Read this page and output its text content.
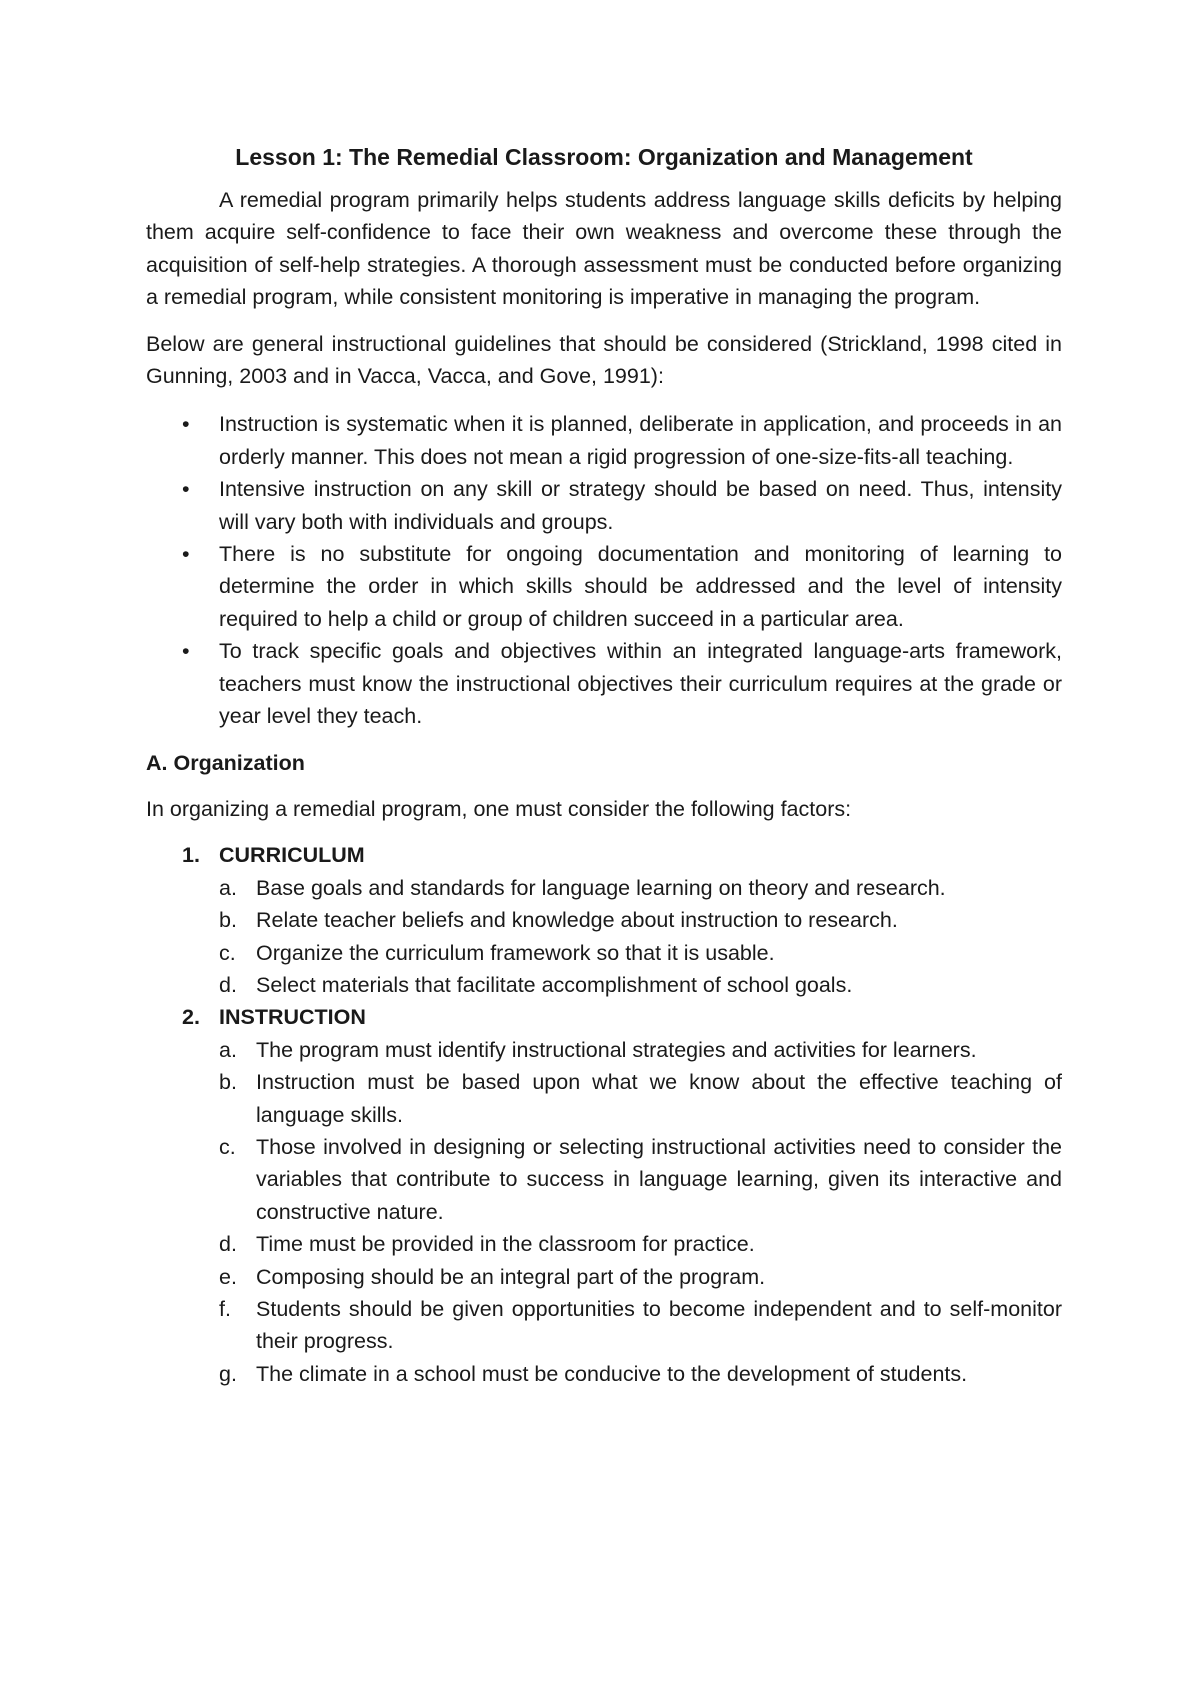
Lesson 1: The Remedial Classroom: Organization and Management

A remedial program primarily helps students address language skills deficits by helping them acquire self-confidence to face their own weakness and overcome these through the acquisition of self-help strategies. A thorough assessment must be conducted before organizing a remedial program, while consistent monitoring is imperative in managing the program.

Below are general instructional guidelines that should be considered (Strickland, 1998 cited in Gunning, 2003 and in Vacca, Vacca, and Gove, 1991):

• Instruction is systematic when it is planned, deliberate in application, and proceeds in an orderly manner. This does not mean a rigid progression of one-size-fits-all teaching.
• Intensive instruction on any skill or strategy should be based on need. Thus, intensity will vary both with individuals and groups.
• There is no substitute for ongoing documentation and monitoring of learning to determine the order in which skills should be addressed and the level of intensity required to help a child or group of children succeed in a particular area.
• To track specific goals and objectives within an integrated language-arts framework, teachers must know the instructional objectives their curriculum requires at the grade or year level they teach.
A. Organization

In organizing a remedial program, one must consider the following factors:

1. CURRICULUM
a. Base goals and standards for language learning on theory and research.
b. Relate teacher beliefs and knowledge about instruction to research.
c. Organize the curriculum framework so that it is usable.
d. Select materials that facilitate accomplishment of school goals.
2. INSTRUCTION
a. The program must identify instructional strategies and activities for learners.
b. Instruction must be based upon what we know about the effective teaching of language skills.
c. Those involved in designing or selecting instructional activities need to consider the variables that contribute to success in language learning, given its interactive and constructive nature.
d. Time must be provided in the classroom for practice.
e. Composing should be an integral part of the program.
f. Students should be given opportunities to become independent and to self-monitor their progress.
g. The climate in a school must be conducive to the development of students.
